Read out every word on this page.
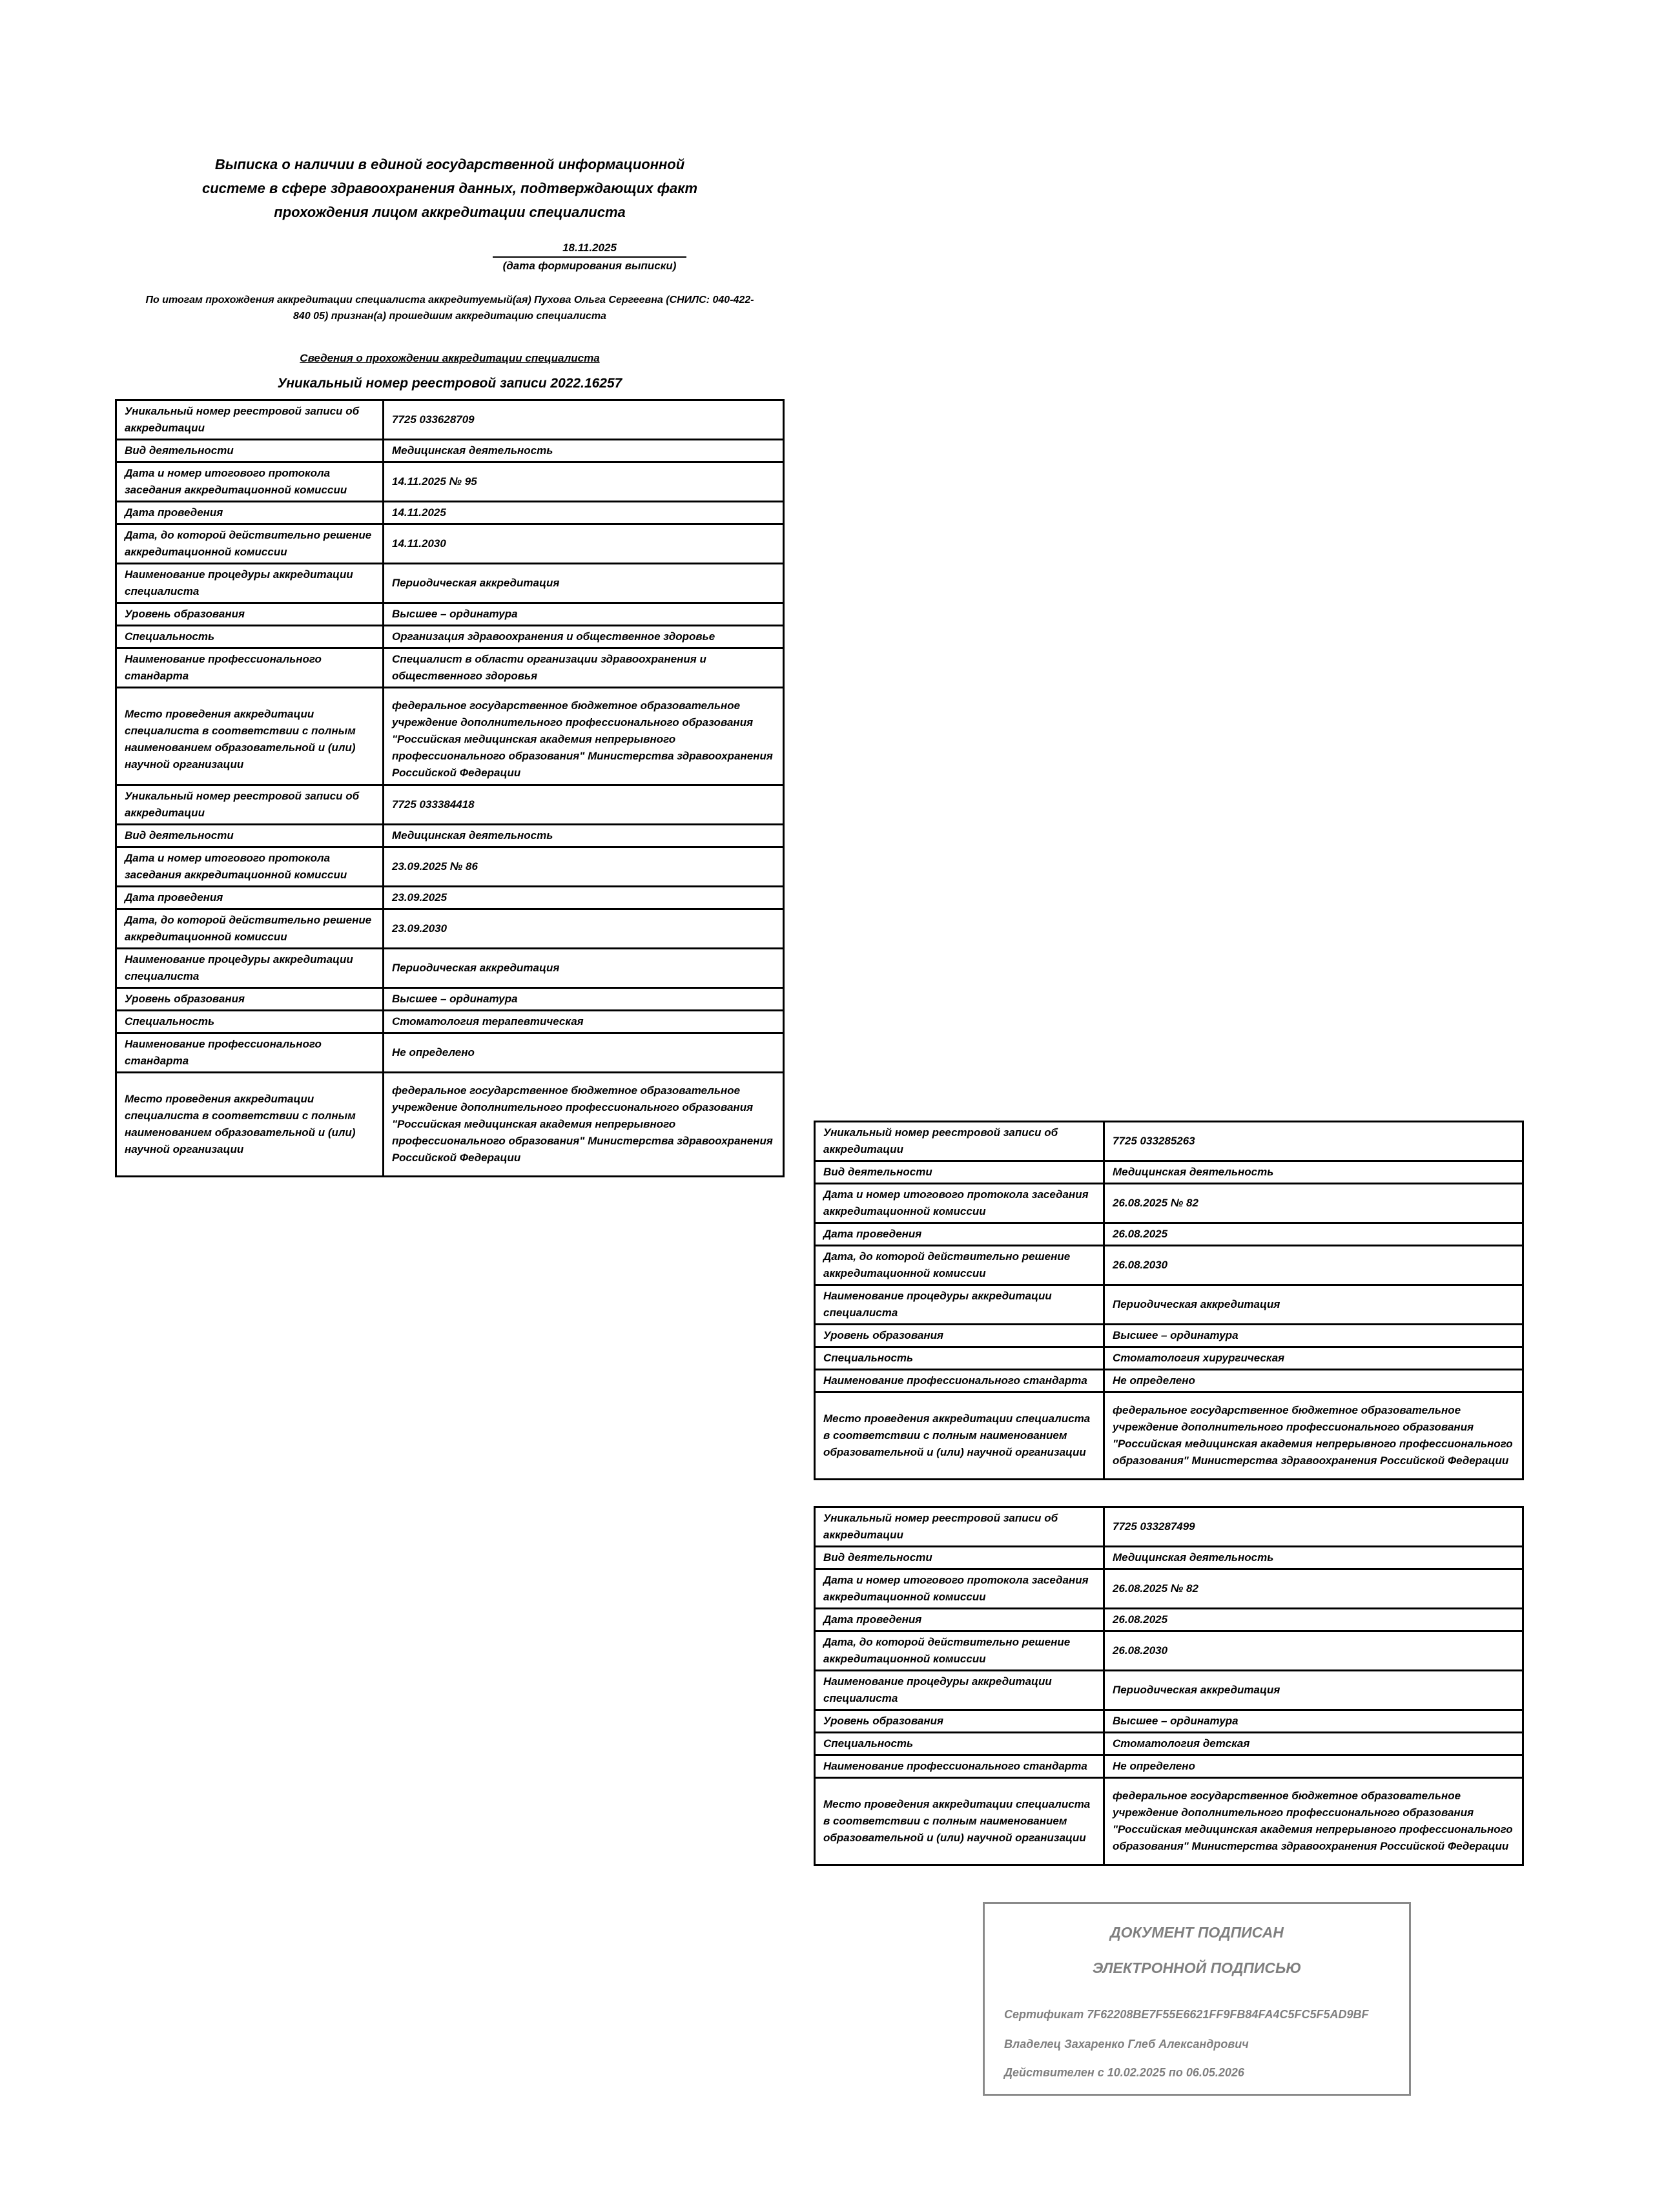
Выписка о наличии в единой государственной информационной
системе в сфере здравоохранения данных, подтверждающих факт
прохождения лицом аккредитации специалиста
18.11.2025
(дата формирования выписки)
По итогам прохождения аккредитации специалиста аккредитуемый(ая) Пухова Ольга Сергеевна (СНИЛС: 040-422-
840 05) признан(а) прошедшим аккредитацию специалиста
Сведения о прохождении аккредитации специалиста
Уникальный номер реестровой записи 2022.16257
Уникальный номер реестровой записи об аккредитации	7725 033628709
Вид деятельности	Медицинская деятельность
Дата и номер итогового протокола заседания аккредитационной комиссии	14.11.2025 № 95
Дата проведения	14.11.2025
Дата, до которой действительно решение аккредитационной комиссии	14.11.2030
Наименование процедуры аккредитации специалиста	Периодическая аккредитация
Уровень образования	Высшее – ординатура
Специальность	Организация здравоохранения и общественное здоровье
Наименование профессионального стандарта	Специалист в области организации здравоохранения и общественного здоровья
Место проведения аккредитации специалиста в соответствии с полным наименованием образовательной и (или) научной организации	федеральное государственное бюджетное образовательное учреждение дополнительного профессионального образования "Российская медицинская академия непрерывного профессионального образования" Министерства здравоохранения Российской Федерации
Уникальный номер реестровой записи об аккредитации	7725 033384418
Вид деятельности	Медицинская деятельность
Дата и номер итогового протокола заседания аккредитационной комиссии	23.09.2025 № 86
Дата проведения	23.09.2025
Дата, до которой действительно решение аккредитационной комиссии	23.09.2030
Наименование процедуры аккредитации специалиста	Периодическая аккредитация
Уровень образования	Высшее – ординатура
Специальность	Стоматология терапевтическая
Наименование профессионального стандарта	Не определено
Место проведения аккредитации специалиста в соответствии с полным наименованием образовательной и (или) научной организации	федеральное государственное бюджетное образовательное учреждение дополнительного профессионального образования "Российская медицинская академия непрерывного профессионального образования" Министерства здравоохранения Российской Федерации
Уникальный номер реестровой записи об аккредитации	7725 033285263
Вид деятельности	Медицинская деятельность
Дата и номер итогового протокола заседания аккредитационной комиссии	26.08.2025 № 82
Дата проведения	26.08.2025
Дата, до которой действительно решение аккредитационной комиссии	26.08.2030
Наименование процедуры аккредитации специалиста	Периодическая аккредитация
Уровень образования	Высшее – ординатура
Специальность	Стоматология хирургическая
Наименование профессионального стандарта	Не определено
Место проведения аккредитации специалиста в соответствии с полным наименованием образовательной и (или) научной организации	федеральное государственное бюджетное образовательное учреждение дополнительного профессионального образования "Российская медицинская академия непрерывного профессионального образования" Министерства здравоохранения Российской Федерации
Уникальный номер реестровой записи об аккредитации	7725 033287499
Вид деятельности	Медицинская деятельность
Дата и номер итогового протокола заседания аккредитационной комиссии	26.08.2025 № 82
Дата проведения	26.08.2025
Дата, до которой действительно решение аккредитационной комиссии	26.08.2030
Наименование процедуры аккредитации специалиста	Периодическая аккредитация
Уровень образования	Высшее – ординатура
Специальность	Стоматология детская
Наименование профессионального стандарта	Не определено
Место проведения аккредитации специалиста в соответствии с полным наименованием образовательной и (или) научной организации	федеральное государственное бюджетное образовательное учреждение дополнительного профессионального образования "Российская медицинская академия непрерывного профессионального образования" Министерства здравоохранения Российской Федерации
ДОКУМЕНТ ПОДПИСАН
ЭЛЕКТРОННОЙ ПОДПИСЬЮ
Сертификат 7F62208BE7F55E6621FF9FB84FA4C5FC5F5AD9BF
Владелец Захаренко Глеб Александрович
Действителен с 10.02.2025 по 06.05.2026
